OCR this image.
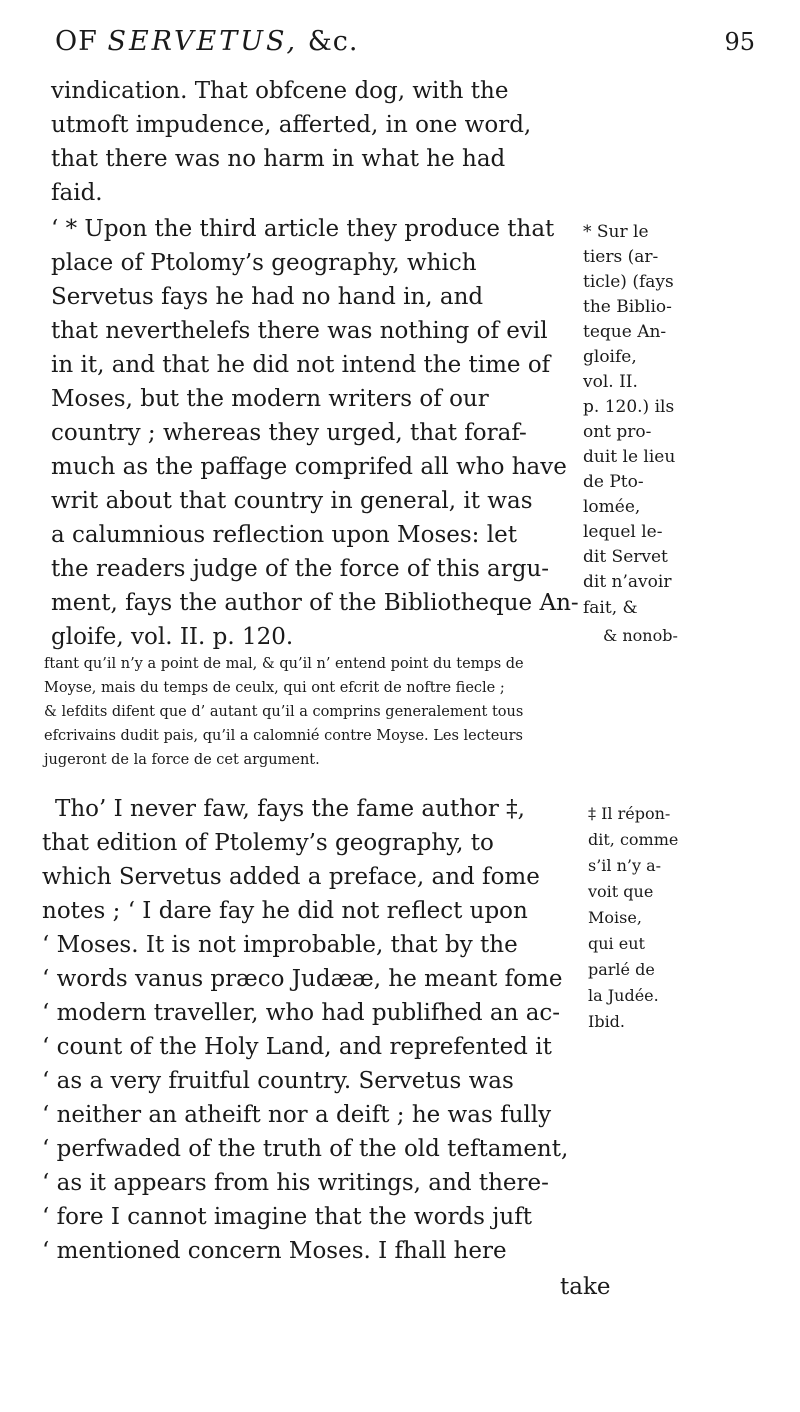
OF SERVETUS, &c.	95
vindication. That obfcene dog, with the
utmoft impudence, afferted, in one word,
that there was no harm in what he had
faid.
‘ * Upon the third article they produce that
place of Ptolomy’s geography, which
Servetus fays he had no hand in, and
that neverthelefs there was nothing of evil
in it, and that he did not intend the time of
Moses, but the modern writers of our
country ; whereas they urged, that foraf-
much as the paffage comprifed all who have
writ about that country in general, it was
a calumnious reflection upon Moses: let
the readers judge of the force of this argu-
ment, fays the author of the Bibliotheque An-
gloife, vol. II. p. 120.
* Sur le
tiers (ar-
ticle) (fays
the Biblio-
teque An-
gloife,
vol. II.
p. 120.) ils
ont pro-
duit le lieu
de Pto-
lomée,
lequel le-
dit Servet
dit n’avoir
fait, &
& nonob-
ftant qu’il n’y a point de mal, & qu’il n’ entend point du temps de
Moyse, mais du temps de ceulx, qui ont efcrit de noftre fiecle ;
& lefdits difent que d’ autant qu’il a comprins generalement tous
efcrivains dudit pais, qu’il a calomnié contre Moyse. Les lecteurs
jugeront de la force de cet argument.
Tho’ I never faw, fays the fame author ‡,
that edition of Ptolemy’s geography, to
which Servetus added a preface, and fome
notes ; ‘ I dare fay he did not reflect upon
‘ Moses. It is not improbable, that by the
‘ words vanus præco Judææ, he meant fome
‘ modern traveller, who had publifhed an ac-
‘ count of the Holy Land, and reprefented it
‘ as a very fruitful country. Servetus was
‘ neither an atheift nor a deift ; he was fully
‘ perfwaded of the truth of the old teftament,
‘ as it appears from his writings, and there-
‘ fore I cannot imagine that the words juft
‘ mentioned concern Moses. I fhall here
‡ Il répon-
dit, comme
s’il n’y a-
voit que
Moise,
qui eut
parlé de
la Judée.
Ibid.
take
